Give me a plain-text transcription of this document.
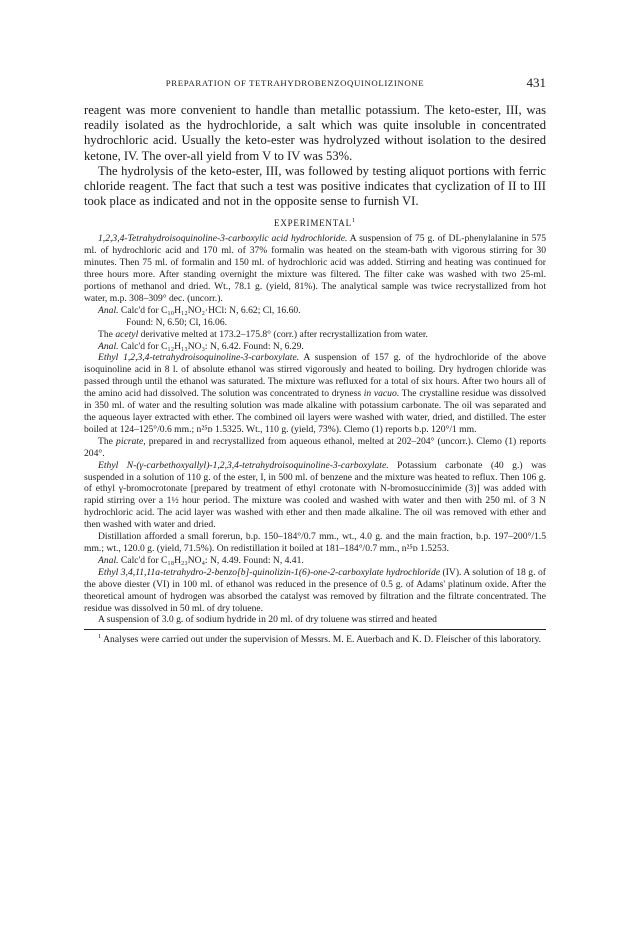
PREPARATION OF TETRAHYDROBENZOQUINOLIZINONE	431

reagent was more convenient to handle than metallic potassium. The keto-ester, III, was readily isolated as the hydrochloride, a salt which was quite insoluble in concentrated hydrochloric acid. Usually the keto-ester was hydrolyzed without isolation to the desired ketone, IV. The over-all yield from V to IV was 53%.

The hydrolysis of the keto-ester, III, was followed by testing aliquot portions with ferric chloride reagent. The fact that such a test was positive indicates that cyclization of II to III took place as indicated and not in the opposite sense to furnish VI.

EXPERIMENTAL$^1$

1,2,3,4-Tetrahydroisoquinoline-3-carboxylic acid hydrochloride. A suspension of 75 g. of DL-phenylalanine in 575 ml. of hydrochloric acid and 170 ml. of 37% formalin was heated on the steam-bath with vigorous stirring for 30 minutes. Then 75 ml. of formalin and 150 ml. of hydrochloric acid was added. Stirring and heating was continued for three hours more. After standing overnight the mixture was filtered. The filter cake was washed with two 25-ml. portions of methanol and dried. Wt., 78.1 g. (yield, 81%). The analytical sample was twice recrystallized from hot water, m.p. 308–309° dec. (uncorr.).

Anal. Calc'd for C₁₀H₁₂NO₂·HCl: N, 6.62; Cl, 16.60.

Found: N, 6.50; Cl, 16.06.

The acetyl derivative melted at 173.2–175.8° (corr.) after recrystallization from water.

Anal. Calc'd for C₁₂H₁₃NO₃: N, 6.42. Found: N, 6.29.

Ethyl 1,2,3,4-tetrahydroisoquinoline-3-carboxylate. A suspension of 157 g. of the hydrochloride of the above isoquinoline acid in 8 l. of absolute ethanol was stirred vigorously and heated to boiling. Dry hydrogen chloride was passed through until the ethanol was saturated. The mixture was refluxed for a total of six hours. After two hours all of the amino acid had dissolved. The solution was concentrated to dryness in vacuo. The crystalline residue was dissolved in 350 ml. of water and the resulting solution was made alkaline with potassium carbonate. The oil was separated and the aqueous layer extracted with ether. The combined oil layers were washed with water, dried, and distilled. The ester boiled at 124–125°/0.6 mm.; n²⁵ᴅ 1.5325. Wt., 110 g. (yield, 73%). Clemo (1) reports b.p. 120°/1 mm.

The picrate, prepared in and recrystallized from aqueous ethanol, melted at 202–204° (uncorr.). Clemo (1) reports 204°.

Ethyl N-(γ-carbethoxyallyl)-1,2,3,4-tetrahydroisoquinoline-3-carboxylate. Potassium carbonate (40 g.) was suspended in a solution of 110 g. of the ester, I, in 500 ml. of benzene and the mixture was heated to reflux. Then 106 g. of ethyl γ-bromocrotonate [prepared by treatment of ethyl crotonate with N-bromosuccinimide (3)] was added with rapid stirring over a 1½ hour period. The mixture was cooled and washed with water and then with 250 ml. of 3 N hydrochloric acid. The acid layer was washed with ether and then made alkaline. The oil was removed with ether and then washed with water and dried.

Distillation afforded a small forerun, b.p. 150–184°/0.7 mm., wt., 4.0 g. and the main fraction, b.p. 197–200°/1.5 mm.; wt., 120.0 g. (yield, 71.5%). On redistillation it boiled at 181–184°/0.7 mm., n²⁵ᴅ 1.5253.

Anal. Calc'd for C₁₈H₂₃NO₄: N, 4.49. Found: N, 4.41.

Ethyl 3,4,11,11a-tetrahydro-2-benzo[b]-quinolizin-1(6)-one-2-carboxylate hydrochloride (IV). A solution of 18 g. of the above diester (VI) in 100 ml. of ethanol was reduced in the presence of 0.5 g. of Adams' platinum oxide. After the theoretical amount of hydrogen was absorbed the catalyst was removed by filtration and the filtrate concentrated. The residue was dissolved in 50 ml. of dry toluene.

A suspension of 3.0 g. of sodium hydride in 20 ml. of dry toluene was stirred and heated

$^1$ Analyses were carried out under the supervision of Messrs. M. E. Auerbach and K. D. Fleischer of this laboratory.
